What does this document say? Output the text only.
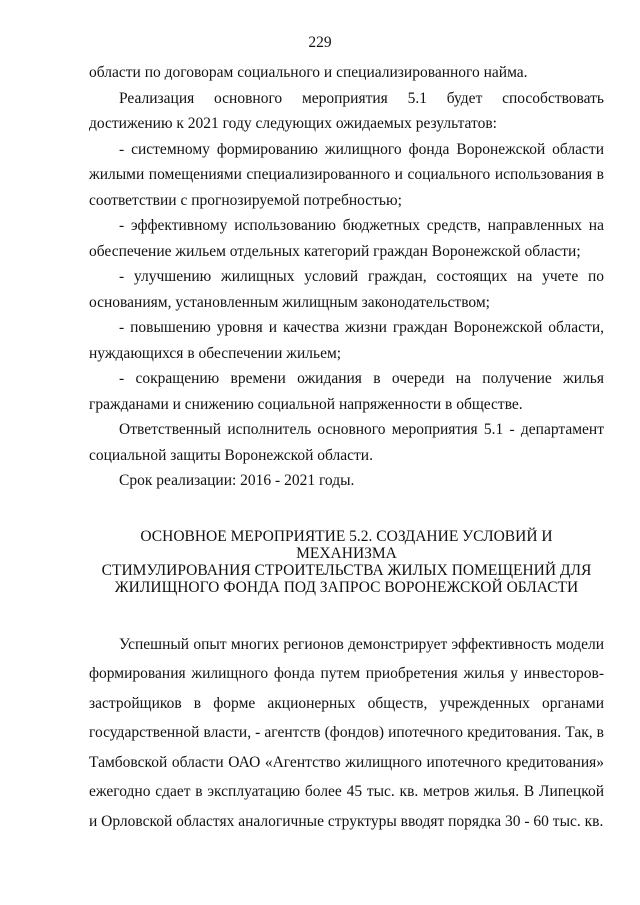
229

области по договорам социального и специализированного найма.

Реализация основного мероприятия 5.1 будет способствовать достижению к 2021 году следующих ожидаемых результатов:

- системному формированию жилищного фонда Воронежской области жилыми помещениями специализированного и социального использования в соответствии с прогнозируемой потребностью;

- эффективному использованию бюджетных средств, направленных на обеспечение жильем отдельных категорий граждан Воронежской области;

- улучшению жилищных условий граждан, состоящих на учете по основаниям, установленным жилищным законодательством;

- повышению уровня и качества жизни граждан Воронежской области, нуждающихся в обеспечении жильем;

- сокращению времени ожидания в очереди на получение жилья гражданами и снижению социальной напряженности в обществе.

Ответственный исполнитель основного мероприятия 5.1 - департамент социальной защиты Воронежской области.

Срок реализации: 2016 - 2021 годы.

ОСНОВНОЕ МЕРОПРИЯТИЕ 5.2. СОЗДАНИЕ УСЛОВИЙ И МЕХАНИЗМА
СТИМУЛИРОВАНИЯ СТРОИТЕЛЬСТВА ЖИЛЫХ ПОМЕЩЕНИЙ ДЛЯ
ЖИЛИЩНОГО ФОНДА ПОД ЗАПРОС ВОРОНЕЖСКОЙ ОБЛАСТИ

Успешный опыт многих регионов демонстрирует эффективность модели формирования жилищного фонда путем приобретения жилья у инвесторов-застройщиков в форме акционерных обществ, учрежденных органами государственной власти, - агентств (фондов) ипотечного кредитования. Так, в Тамбовской области ОАО «Агентство жилищного ипотечного кредитования» ежегодно сдает в эксплуатацию более 45 тыс. кв. метров жилья. В Липецкой и Орловской областях аналогичные структуры вводят порядка 30 - 60 тыс. кв.
